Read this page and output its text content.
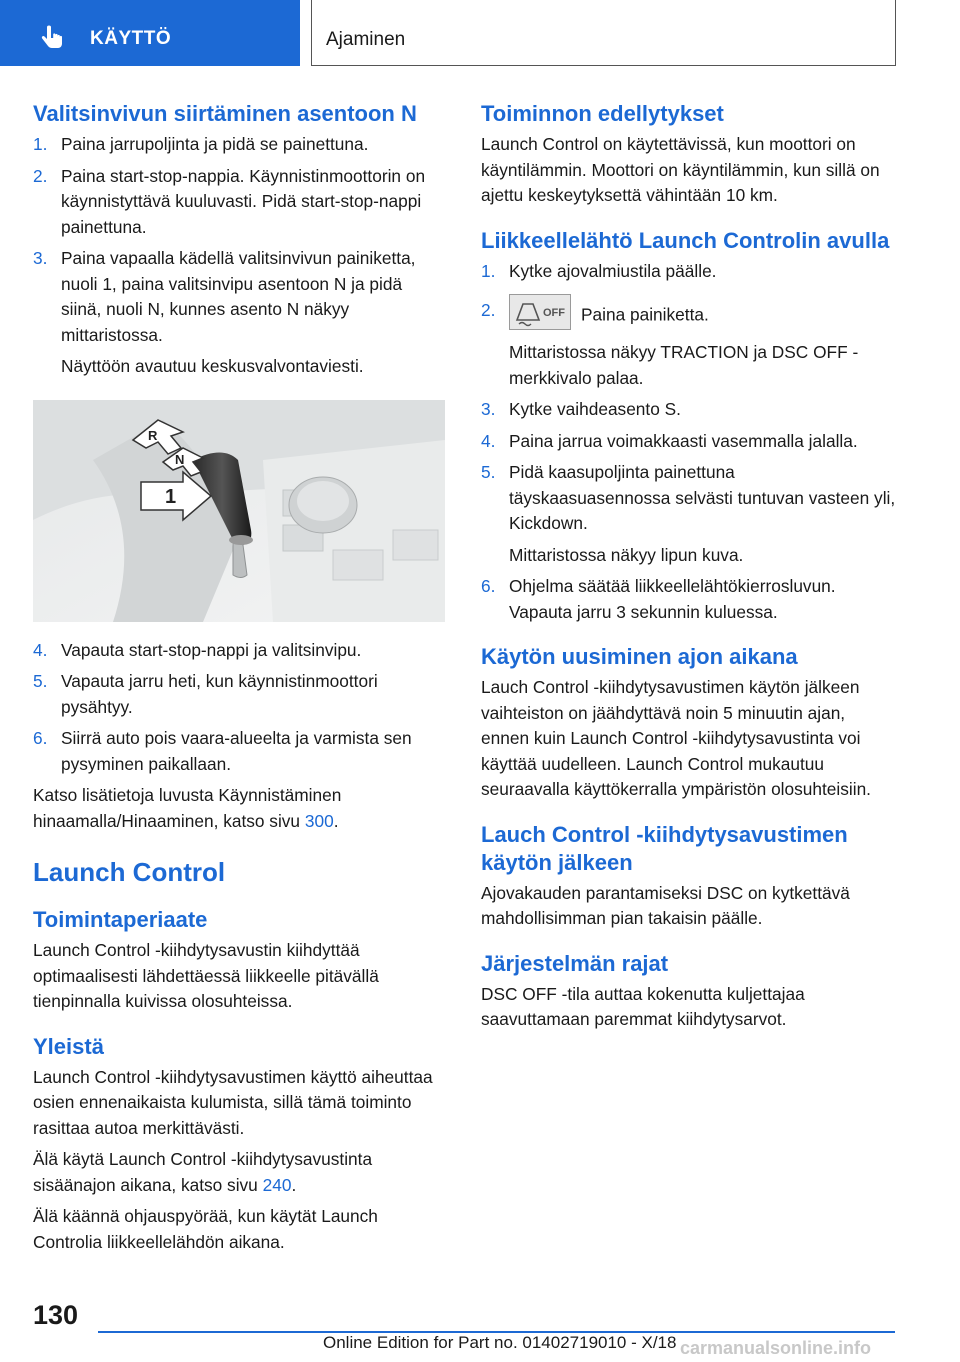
KÄYTTÖ	Ajaminen
Valitsinvivun siirtäminen asentoon N
1. Paina jarrupoljinta ja pidä se painettuna.
2. Paina start-stop-nappia. Käynnistinmoottorin on käynnistyttävä kuuluvasti. Pidä start-stop-nappi painettuna.
3. Paina vapaalla kädellä valitsinvivun painiketta, nuoli 1, paina valitsinvipu asentoon N ja pidä siinä, nuoli N, kunnes asento N näkyy mittaristossa.
Näyttöön avautuu keskusvalvontaviesti.
R
N
1
4. Vapauta start-stop-nappi ja valitsinvipu.
5. Vapauta jarru heti, kun käynnistinmoottori pysähtyy.
6. Siirrä auto pois vaara-alueelta ja varmista sen pysyminen paikallaan.

Katso lisätietoja luvusta Käynnistäminen hinaamalla/Hinaaminen, katso sivu 300.

Launch Control
Toimintaperiaate

Launch Control -kiihdytysavustin kiihdyttää optimaalisesti lähdettäessä liikkeelle pitävällä tienpinnalla kuivissa olosuhteissa.

Yleistä

Launch Control -kiihdytysavustimen käyttö aiheuttaa osien ennenaikaista kulumista, sillä tämä toiminto rasittaa autoa merkittävästi.

Älä käytä Launch Control -kiihdytysavustinta sisäänajon aikana, katso sivu 240.

Älä käännä ohjauspyörää, kun käytät Launch Controlia liikkeellelähdön aikana.

Toiminnon edellytykset

Launch Control on käytettävissä, kun moottori on käyntilämmin. Moottori on käyntilämmin, kun sillä on ajettu keskeytyksettä vähintään 10 km.

Liikkeellelähtö Launch Controlin avulla
1. Kytke ajovalmiustila päälle.
2.	OFF Paina painiketta.
Mittaristossa näkyy TRACTION ja DSC OFF -merkkivalo palaa.
3. Kytke vaihdeasento S.
4. Paina jarrua voimakkaasti vasemmalla jalalla.
5. Pidä kaasupoljinta painettuna täyskaasuasennossa selvästi tuntuvan vasteen yli, Kickdown.
Mittaristossa näkyy lipun kuva.
6. Ohjelma säätää liikkeellelähtökierrosluvun. Vapauta jarru 3 sekunnin kuluessa.
Käytön uusiminen ajon aikana

Lauch Control -kiihdytysavustimen käytön jälkeen vaihteiston on jäähdyttävä noin 5 minuutin ajan, ennen kuin Launch Control -kiihdytysavustinta voi käyttää uudelleen. Launch Control mukautuu seuraavalla käyttökerralla ympäristön olosuhteisiin.

Lauch Control -kiihdytysavustimen käytön jälkeen

Ajovakauden parantamiseksi DSC on kytkettävä mahdollisimman pian takaisin päälle.

Järjestelmän rajat

DSC OFF -tila auttaa kokenutta kuljettajaa saavuttamaan paremmat kiihdytysarvot.

130
Online Edition for Part no. 01402719010 - X/18 carmanualsonline.info
